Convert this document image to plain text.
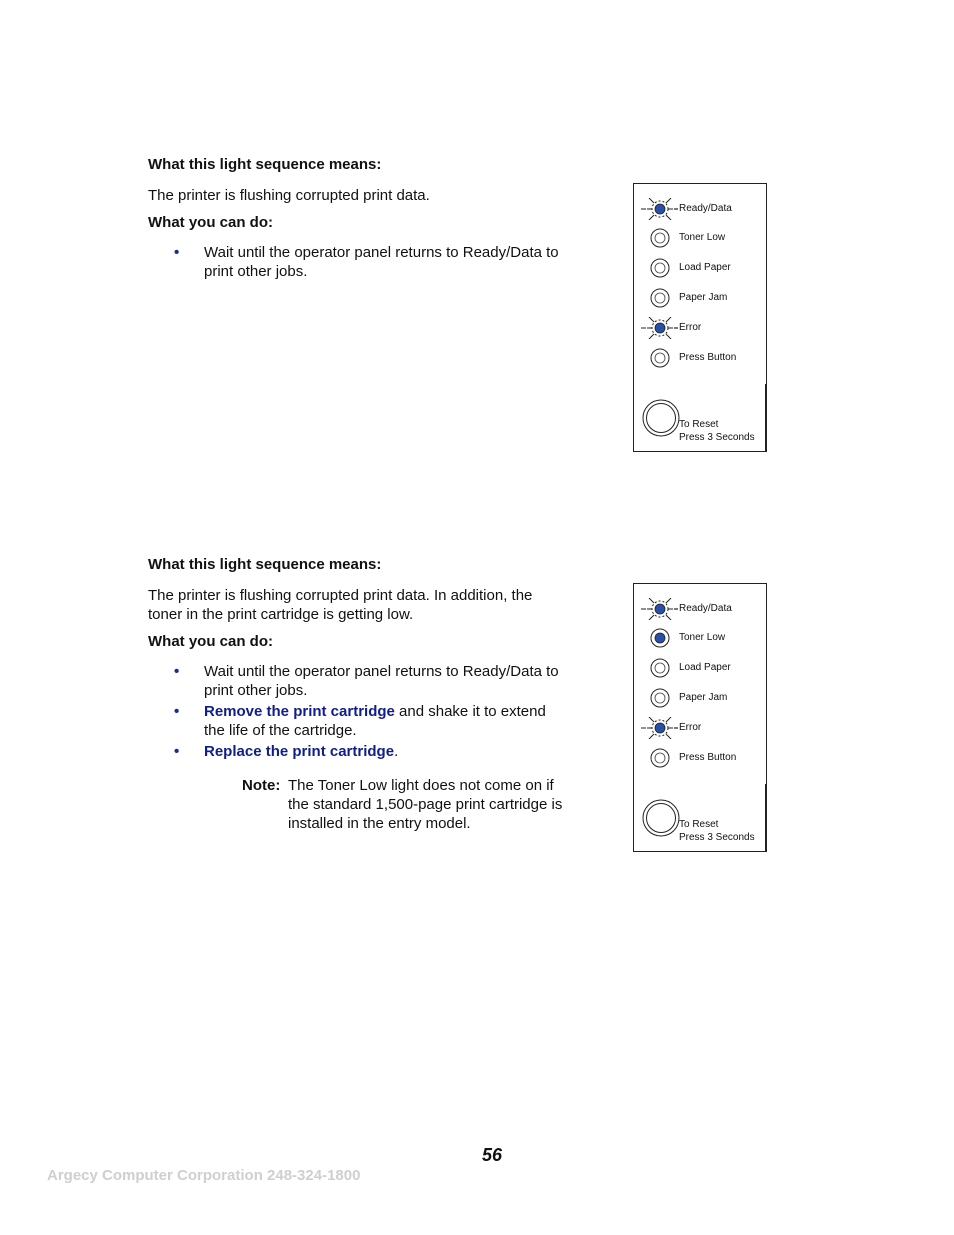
What this light sequence means:

The printer is flushing corrupted print data.

What you can do:

• Wait until the operator panel returns to Ready/Data to print other jobs.
Ready/Data
Toner Low
Load Paper
Paper Jam
Error
Press Button
To Reset
Press 3 Seconds

What this light sequence means:

The printer is flushing corrupted print data. In addition, the toner in the print cartridge is getting low.

What you can do:

• Wait until the operator panel returns to Ready/Data to print other jobs.
• Remove the print cartridge and shake it to extend the life of the cartridge.
• Replace the print cartridge.
Note: The Toner Low light does not come on if the standard 1,500-page print cartridge is installed in the entry model.
Ready/Data
Toner Low
Load Paper
Paper Jam
Error
Press Button
To Reset
Press 3 Seconds
56
Argecy Computer Corporation 248-324-1800
